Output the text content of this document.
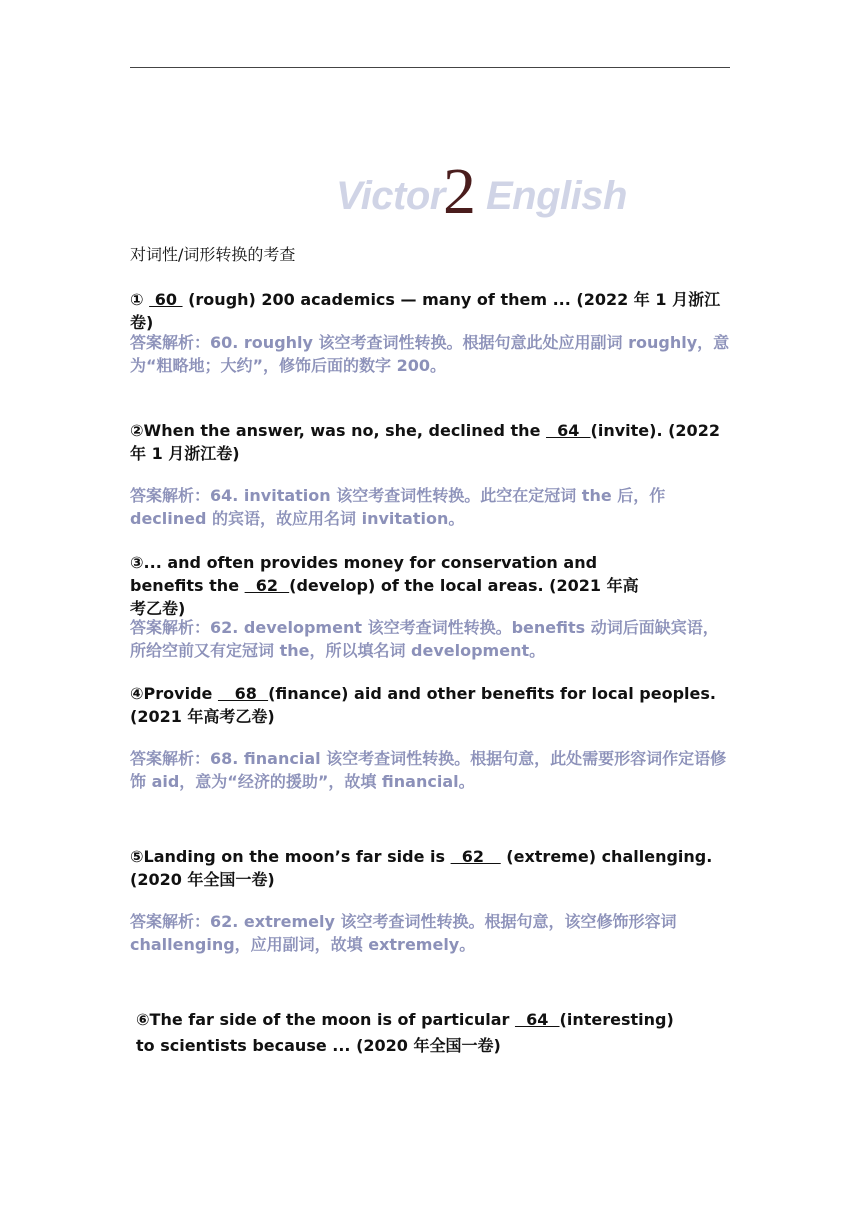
Victor
2 English
对词性/词形转换的考查
①  60  (rough) 200 academics — many of them ... (2022 年 1 月浙江卷)
答案解析：60. roughly 该空考查词性转换。根据句意此处应用副词 roughly，意为“粗略地；大约”，修饰后面的数字 200。
②When the answer, was no, she, declined the   64  (invite). (2022 年 1 月浙江卷)
答案解析：64. invitation 该空考查词性转换。此空在定冠词 the 后，作 declined 的宾语，故应用名词 invitation。
③... and often provides money for conservation and benefits the   62  (develop) of the local areas. (2021 年高考乙卷)
答案解析：62. development 该空考查词性转换。benefits 动词后面缺宾语，所给空前又有定冠词 the，所以填名词 development。
④Provide    68  (finance) aid and other benefits for local peoples. (2021 年高考乙卷)
答案解析：68. financial 该空考查词性转换。根据句意，此处需要形容词作定语修饰 aid，意为“经济的援助”，故填 financial。
⑤Landing on the moon’s far side is   62    (extreme) challenging.(2020 年全国一卷)
答案解析：62. extremely 该空考查词性转换。根据句意，该空修饰形容词 challenging，应用副词，故填 extremely。
⑥The far side of the moon is of particular   64  (interesting) to scientists because ... (2020 年全国一卷)
